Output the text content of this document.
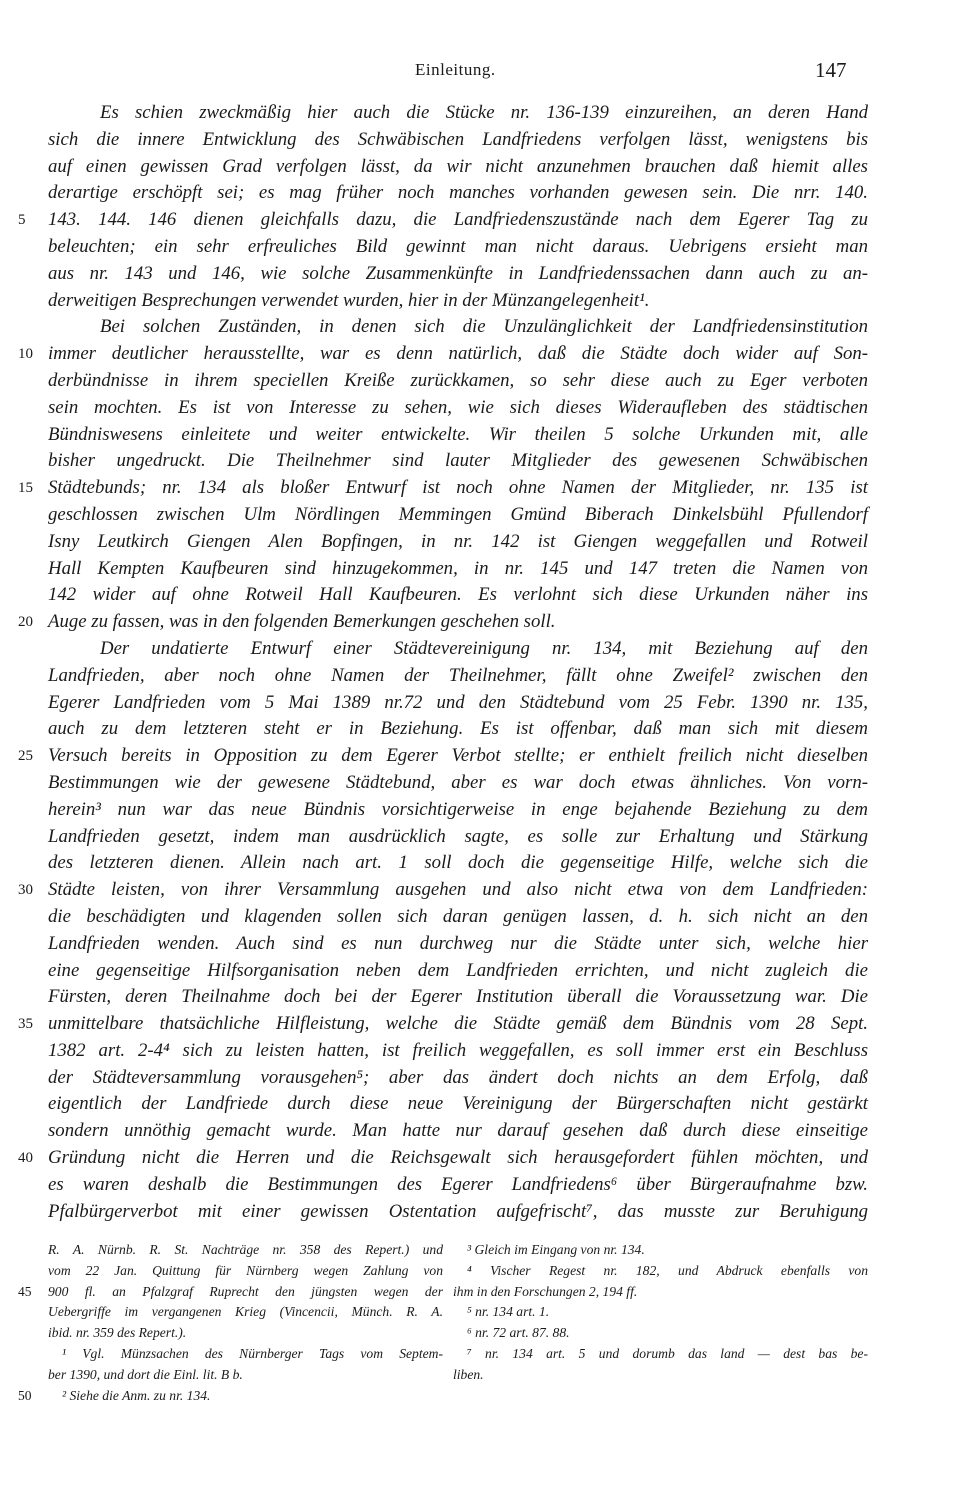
Einleitung.	147
Es schien zweckmäßig hier auch die Stücke nr. 136-139 einzureihen, an deren Hand
sich die innere Entwicklung des Schwäbischen Landfriedens verfolgen lässt, wenigstens bis
auf einen gewissen Grad verfolgen lässt, da wir nicht anzunehmen brauchen daß hiemit alles
derartige erschöpft sei; es mag früher noch manches vorhanden gewesen sein. Die nrr. 140.
143. 144. 146 dienen gleichfalls dazu, die Landfriedenszustände nach dem Egerer Tag zu
5
beleuchten; ein sehr erfreuliches Bild gewinnt man nicht daraus. Uebrigens ersieht man
aus nr. 143 und 146, wie solche Zusammenkünfte in Landfriedenssachen dann auch zu an-
derweitigen Besprechungen verwendet wurden, hier in der Münzangelegenheit¹.
Bei solchen Zuständen, in denen sich die Unzulänglichkeit der Landfriedensinstitution
immer deutlicher herausstellte, war es denn natürlich, daß die Städte doch wider auf Son-
10
derbündnisse in ihrem speciellen Kreiße zurückkamen, so sehr diese auch zu Eger verboten
sein mochten. Es ist von Interesse zu sehen, wie sich dieses Wideraufleben des städtischen
Bündniswesens einleitete und weiter entwickelte. Wir theilen 5 solche Urkunden mit, alle
bisher ungedruckt. Die Theilnehmer sind lauter Mitglieder des gewesenen Schwäbischen
Städtebunds; nr. 134 als bloßer Entwurf ist noch ohne Namen der Mitglieder, nr. 135 ist
15
geschlossen zwischen Ulm Nördlingen Memmingen Gmünd Biberach Dinkelsbühl Pfullendorf
Isny Leutkirch Giengen Alen Bopfingen, in nr. 142 ist Giengen weggefallen und Rotweil
Hall Kempten Kaufbeuren sind hinzugekommen, in nr. 145 und 147 treten die Namen von
142 wider auf ohne Rotweil Hall Kaufbeuren. Es verlohnt sich diese Urkunden näher ins
Auge zu fassen, was in den folgenden Bemerkungen geschehen soll.
20
Der undatierte Entwurf einer Städtevereinigung nr. 134, mit Beziehung auf den
Landfrieden, aber noch ohne Namen der Theilnehmer, fällt ohne Zweifel² zwischen den
Egerer Landfrieden vom 5 Mai 1389 nr.72 und den Städtebund vom 25 Febr. 1390 nr. 135,
auch zu dem letzteren steht er in Beziehung. Es ist offenbar, daß man sich mit diesem
Versuch bereits in Opposition zu dem Egerer Verbot stellte; er enthielt freilich nicht dieselben
25
Bestimmungen wie der gewesene Städtebund, aber es war doch etwas ähnliches. Von vorn-
herein³ nun war das neue Bündnis vorsichtigerweise in enge bejahende Beziehung zu dem
Landfrieden gesetzt, indem man ausdrücklich sagte, es solle zur Erhaltung und Stärkung
des letzteren dienen. Allein nach art. 1 soll doch die gegenseitige Hilfe, welche sich die
Städte leisten, von ihrer Versammlung ausgehen und also nicht etwa von dem Landfrieden:
30
die beschädigten und klagenden sollen sich daran genügen lassen, d. h. sich nicht an den
Landfrieden wenden. Auch sind es nun durchweg nur die Städte unter sich, welche hier
eine gegenseitige Hilfsorganisation neben dem Landfrieden errichten, und nicht zugleich die
Fürsten, deren Theilnahme doch bei der Egerer Institution überall die Voraussetzung war. Die
unmittelbare thatsächliche Hilfleistung, welche die Städte gemäß dem Bündnis vom 28 Sept.
35
1382 art. 2-4⁴ sich zu leisten hatten, ist freilich weggefallen, es soll immer erst ein Beschluss
der Städteversammlung vorausgehen⁵; aber das ändert doch nichts an dem Erfolg, daß
eigentlich der Landfriede durch diese neue Vereinigung der Bürgerschaften nicht gestärkt
sondern unnöthig gemacht wurde. Man hatte nur darauf gesehen daß durch diese einseitige
Gründung nicht die Herren und die Reichsgewalt sich herausgefordert fühlen möchten, und
40
es waren deshalb die Bestimmungen des Egerer Landfriedens⁶ über Bürgeraufnahme bzw.
Pfalbürgerverbot mit einer gewissen Ostentation aufgefrischt⁷, das musste zur Beruhigung
R. A. Nürnb. R. St. Nachträge nr. 358 des Repert.) und
vom 22 Jan. Quittung für Nürnberg wegen Zahlung von
900 fl. an Pfalzgraf Ruprecht den jüngsten wegen der
45
Uebergriffe im vergangenen Krieg (Vincencii, Münch. R. A.
ibid. nr. 359 des Repert.).
¹ Vgl. Münzsachen des Nürnberger Tags vom Septem-
ber 1390, und dort die Einl. lit. B b.
² Siehe die Anm. zu nr. 134.
50
³ Gleich im Eingang von nr. 134.
⁴ Vischer Regest nr. 182, und Abdruck ebenfalls von
ihm in den Forschungen 2, 194 ff.
⁵ nr. 134 art. 1.
⁶ nr. 72 art. 87. 88.
⁷ nr. 134 art. 5 und dorumb das land — dest bas be-
liben.
